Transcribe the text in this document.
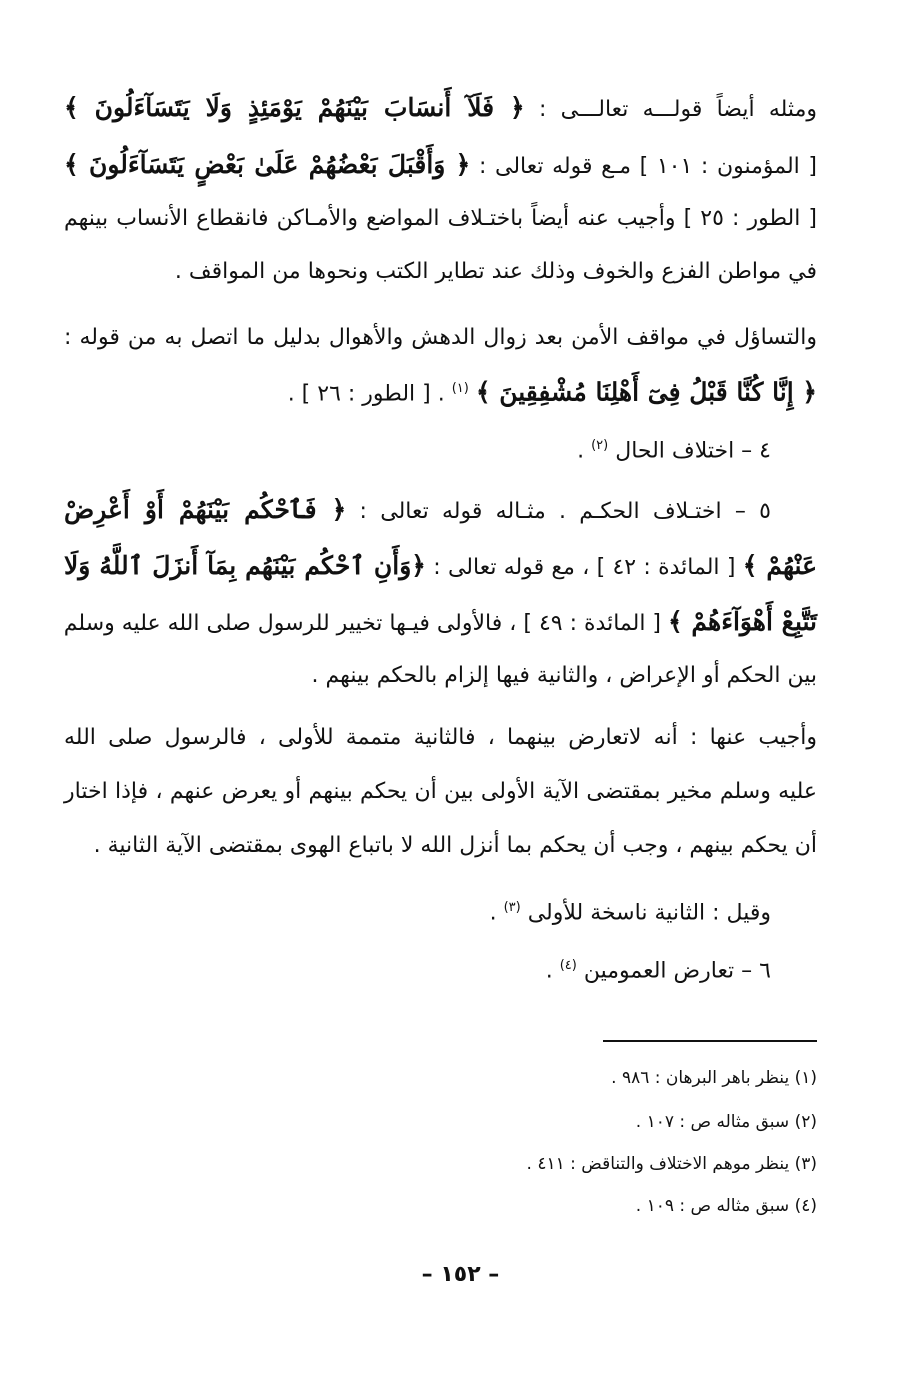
ومثله أيضاً قولـــه تعالـــى : ﴿ فَلَآ أَنسَابَ بَيْنَهُمْ يَوْمَئِذٍ وَلَا يَتَسَآءَلُونَ ﴾
[ المؤمنون : ١٠١ ] مـع قوله تعالى : ﴿ وَأَقْبَلَ بَعْضُهُمْ عَلَىٰ بَعْضٍ يَتَسَآءَلُونَ ﴾
[ الطور : ٢٥ ] وأجيب عنه أيضاً باختـلاف المواضع والأمـاكن فانقطاع الأنساب بينهم
في مواطن الفزع والخوف وذلك عند تطاير الكتب ونحوها من المواقف .
والتساؤل في مواقف الأمن بعد زوال الدهش والأهوال بدليل ما اتصل به من قوله :
﴿ إِنَّا كُنَّا قَبْلُ فِىٓ أَهْلِنَا مُشْفِقِينَ ﴾ $^{(١)}$ . [ الطور : ٢٦ ] .
٤ – اختلاف الحال $^{(٢)}$ .
٥ – اختـلاف الحكـم . مثـاله قوله تعالى : ﴿ فَٱحْكُم بَيْنَهُمْ أَوْ أَعْرِضْ
عَنْهُمْ ﴾ [ المائدة : ٤٢ ] ، مع قوله تعالى : ﴿وَأَنِ ٱحْكُم بَيْنَهُم بِمَآ أَنزَلَ ٱللَّهُ وَلَا
تَتَّبِعْ أَهْوَآءَهُمْ ﴾ [ المائدة : ٤٩ ] ، فالأولى فيـها تخيير للرسول صلى الله عليه وسلم
بين الحكم أو الإعراض ، والثانية فيها إلزام بالحكم بينهم .
وأجيب عنها : أنه لاتعارض بينهما ، فالثانية متممة للأولى ، فالرسول صلى الله
عليه وسلم مخير بمقتضى الآية الأولى بين أن يحكم بينهم أو يعرض عنهم ، فإذا اختار
أن يحكم بينهم ، وجب أن يحكم بما أنزل الله لا باتباع الهوى بمقتضى الآية الثانية .
وقيل : الثانية ناسخة للأولى $^{(٣)}$ .
٦ – تعارض العمومين $^{(٤)}$ .
(١) ينظر باهر البرهان : ٩٨٦ .
(٢) سبق مثاله ص : ١٠٧ .
(٣) ينظر موهم الاختلاف والتناقض : ٤١١ .
(٤) سبق مثاله ص : ١٠٩ .
– ١٥٢ –
